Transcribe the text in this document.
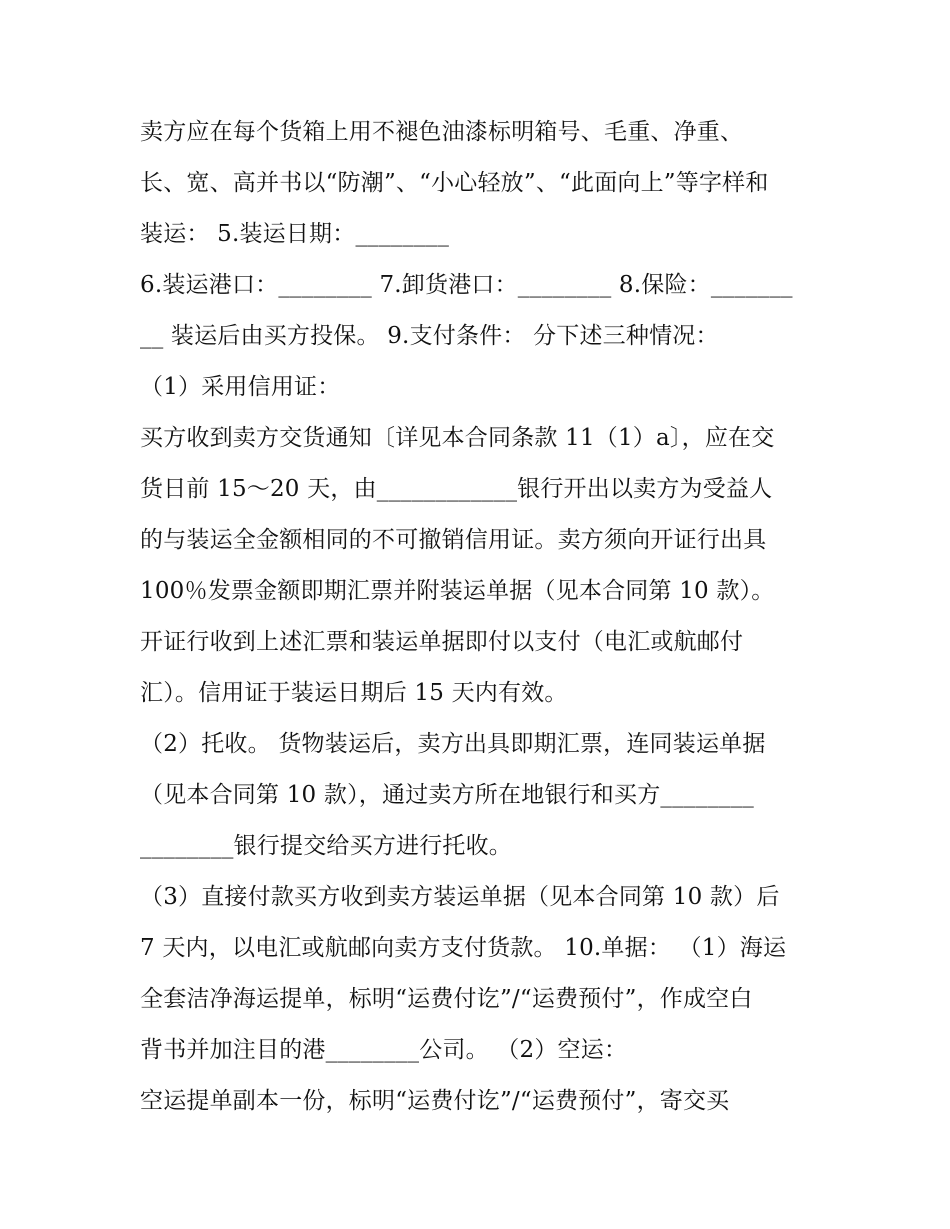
卖方应在每个货箱上用不褪色油漆标明箱号、毛重、净重、
长、宽、高并书以“防潮”、“小心轻放”、“此面向上”等字样和
装运： 5.装运日期：________
6.装运港口：________ 7.卸货港口：________ 8.保险：_______
__ 装运后由买方投保。 9.支付条件： 分下述三种情况：
（1）采用信用证：
买方收到卖方交货通知〔详见本合同条款 11（1）a〕，应在交
货日前 15～20 天，由____________银行开出以卖方为受益人
的与装运全金额相同的不可撤销信用证。卖方须向开证行出具
100％发票金额即期汇票并附装运单据（见本合同第 10 款）。
开证行收到上述汇票和装运单据即付以支付（电汇或航邮付
汇）。信用证于装运日期后 15 天内有效。
（2）托收。 货物装运后，卖方出具即期汇票，连同装运单据
（见本合同第 10 款），通过卖方所在地银行和买方________
________银行提交给买方进行托收。
（3）直接付款买方收到卖方装运单据（见本合同第 10 款）后
7 天内，以电汇或航邮向卖方支付货款。 10.单据： （1）海运
全套洁净海运提单，标明“运费付讫”/“运费预付”，作成空白
背书并加注目的港________公司。 （2）空运：
空运提单副本一份，标明“运费付讫”/“运费预付”，寄交买
